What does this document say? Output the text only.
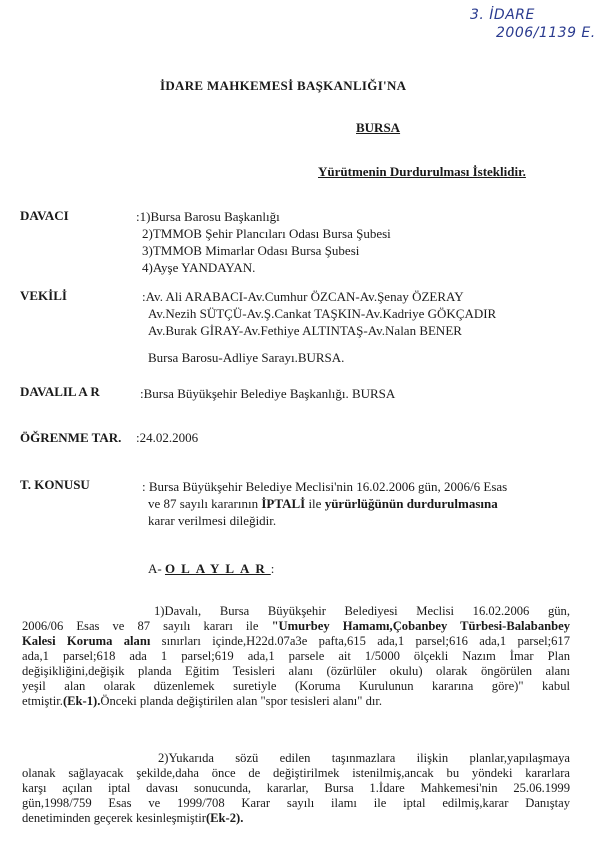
3. İDARE
2006/1139 E.
İDARE MAHKEMESİ BAŞKANLIĞI'NA
BURSA
Yürütmenin Durdurulması İsteklidir.
DAVACI	:1)Bursa Barosu Başkanlığı
2)TMMOB Şehir Plancıları Odası Bursa Şubesi
3)TMMOB Mimarlar Odası Bursa Şubesi
4)Ayşe YANDAYAN.
VEKİLİ	:Av. Ali ARABACI-Av.Cumhur ÖZCAN-Av.Şenay ÖZERAY
Av.Nezih SÜTÇÜ-Av.Ş.Cankat TAŞKIN-Av.Kadriye GÖKÇADIR
Av.Burak GİRAY-Av.Fethiye ALTINTAŞ-Av.Nalan BENER
Bursa Barosu-Adliye Sarayı.BURSA.
DAVALIL A R	:Bursa Büyükşehir Belediye Başkanlığı. BURSA
ÖĞRENME TAR. :24.02.2006
T. KONUSU	: Bursa Büyükşehir Belediye Meclisi'nin 16.02.2006 gün, 2006/6 Esas
ve 87 sayılı kararının İPTALİ ile yürürlüğünün durdurulmasına
karar verilmesi dileğidir.
A- OLAYLAR:
1)Davalı, Bursa Büyükşehir Belediyesi Meclisi 16.02.2006 gün,
2006/06 Esas ve 87 sayılı kararı ile "Umurbey Hamamı,Çobanbey Türbesi-Balabanbey
Kalesi Koruma alanı sınırları içinde,H22d.07a3e pafta,615 ada,1 parsel;616 ada,1 parsel;617
ada,1 parsel;618 ada 1 parsel;619 ada,1 parsele ait 1/5000 ölçekli Nazım İmar Plan
değişikliğini,değişik planda Eğitim Tesisleri alanı (özürlüler okulu) olarak öngörülen alanı
yeşil alan olarak düzenlemek suretiyle (Koruma Kurulunun kararına göre)" kabul
etmiştir.(Ek-1).Önceki planda değiştirilen alan "spor tesisleri alanı" dır.
2)Yukarıda sözü edilen taşınmazlara ilişkin planlar,yapılaşmaya
olanak sağlayacak şekilde,daha önce de değiştirilmek istenilmiş,ancak bu yöndeki kararlara
karşı açılan iptal davası sonucunda, kararlar, Bursa 1.İdare Mahkemesi'nin 25.06.1999
gün,1998/759 Esas ve 1999/708 Karar sayılı ilamı ile iptal edilmiş,karar Danıştay
denetiminden geçerek kesinleşmiştir(Ek-2).
